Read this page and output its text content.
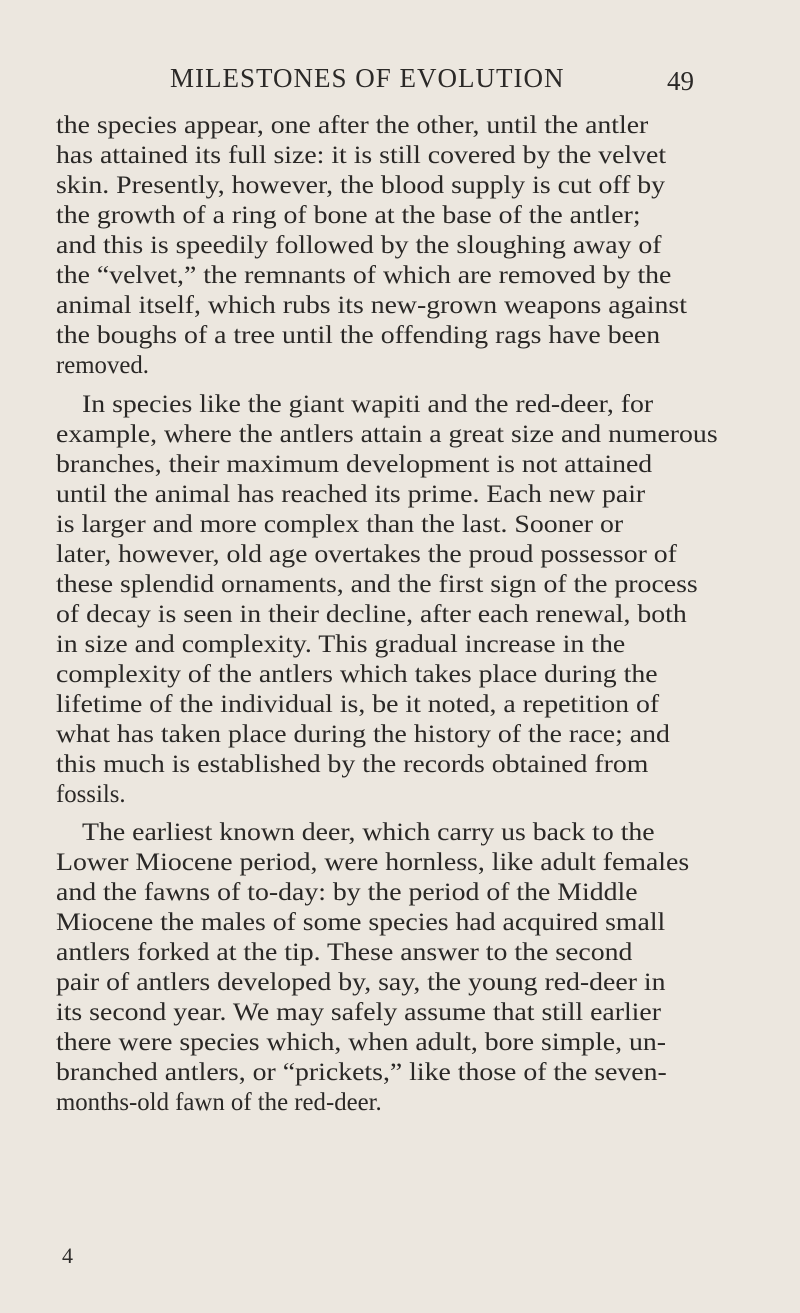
MILESTONES OF EVOLUTION	49
the species appear, one after the other, until the antler
has attained its full size: it is still covered by the velvet
skin. Presently, however, the blood supply is cut off by
the growth of a ring of bone at the base of the antler;
and this is speedily followed by the sloughing away of
the “velvet,” the remnants of which are removed by the
animal itself, which rubs its new-grown weapons against
the boughs of a tree until the offending rags have been
removed.
In species like the giant wapiti and the red-deer, for
example, where the antlers attain a great size and numerous
branches, their maximum development is not attained
until the animal has reached its prime. Each new pair
is larger and more complex than the last. Sooner or
later, however, old age overtakes the proud possessor of
these splendid ornaments, and the first sign of the process
of decay is seen in their decline, after each renewal, both
in size and complexity. This gradual increase in the
complexity of the antlers which takes place during the
lifetime of the individual is, be it noted, a repetition of
what has taken place during the history of the race; and
this much is established by the records obtained from
fossils.
The earliest known deer, which carry us back to the
Lower Miocene period, were hornless, like adult females
and the fawns of to-day: by the period of the Middle
Miocene the males of some species had acquired small
antlers forked at the tip. These answer to the second
pair of antlers developed by, say, the young red-deer in
its second year. We may safely assume that still earlier
there were species which, when adult, bore simple, un-
branched antlers, or “prickets,” like those of the seven-
months-old fawn of the red-deer.
4
